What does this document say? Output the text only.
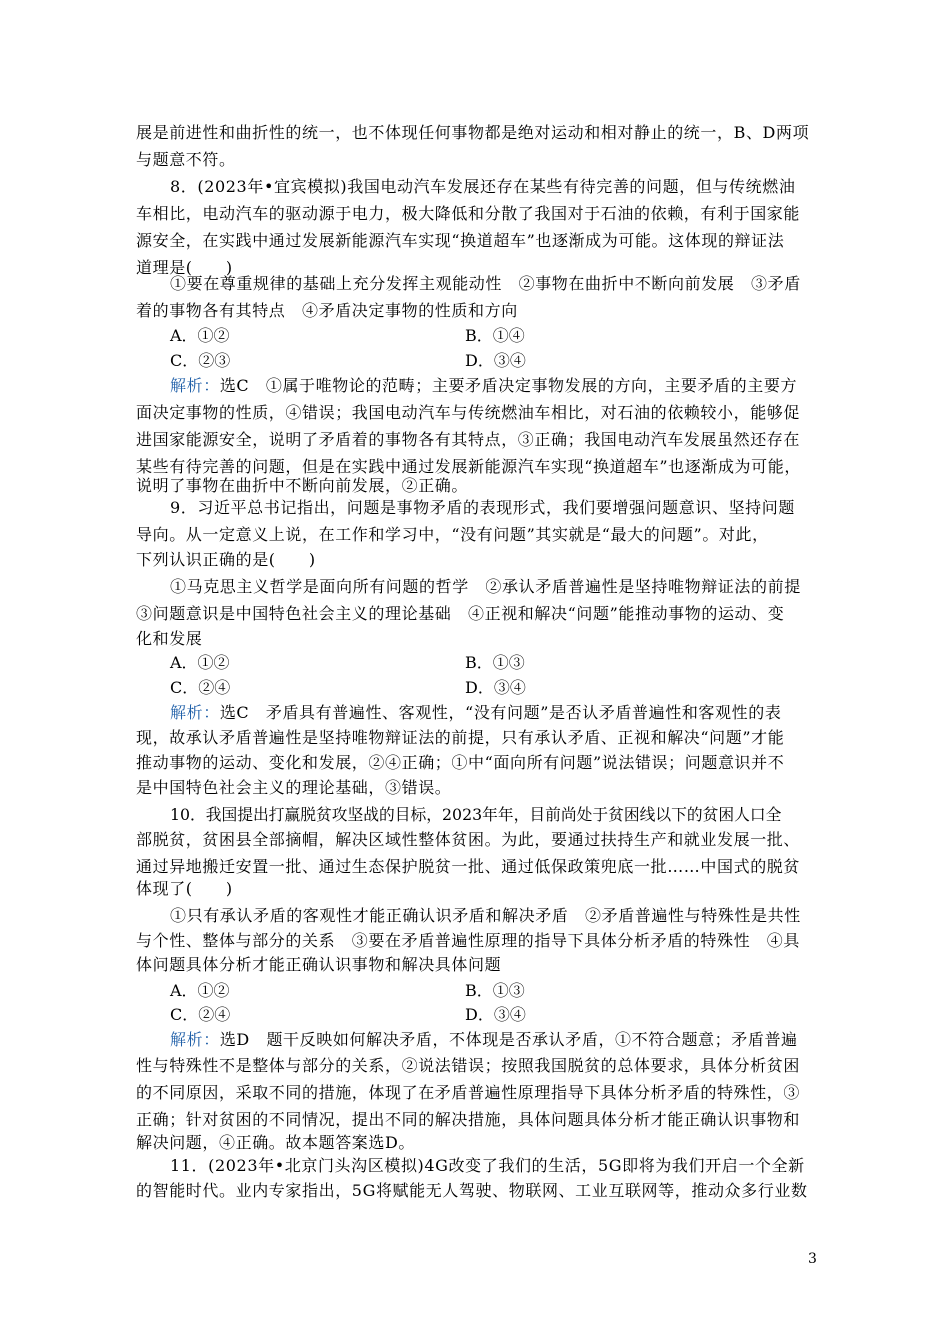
展是前进性和曲折性的统一，也不体现任何事物都是绝对运动和相对静止的统一，B、D两项
与题意不符。
8．(2023年•宜宾模拟)我国电动汽车发展还存在某些有待完善的问题，但与传统燃油
车相比，电动汽车的驱动源于电力，极大降低和分散了我国对于石油的依赖，有利于国家能
源安全，在实践中通过发展新能源汽车实现“换道超车”也逐渐成为可能。这体现的辩证法
道理是(　　)
①要在尊重规律的基础上充分发挥主观能动性　②事物在曲折中不断向前发展　③矛盾
着的事物各有其特点　④矛盾决定事物的性质和方向
A．①②	B．①④
C．②③	D．③④
解析：选C　①属于唯物论的范畴；主要矛盾决定事物发展的方向，主要矛盾的主要方
面决定事物的性质，④错误；我国电动汽车与传统燃油车相比，对石油的依赖较小，能够促
进国家能源安全，说明了矛盾着的事物各有其特点，③正确；我国电动汽车发展虽然还存在
某些有待完善的问题，但是在实践中通过发展新能源汽车实现“换道超车”也逐渐成为可能，
说明了事物在曲折中不断向前发展，②正确。
9．习近平总书记指出，问题是事物矛盾的表现形式，我们要增强问题意识、坚持问题
导向。从一定意义上说，在工作和学习中，“没有问题”其实就是“最大的问题”。对此，
下列认识正确的是(　　)
①马克思主义哲学是面向所有问题的哲学　②承认矛盾普遍性是坚持唯物辩证法的前提
③问题意识是中国特色社会主义的理论基础　④正视和解决“问题”能推动事物的运动、变
化和发展
A．①②	B．①③
C．②④	D．③④
解析：选C　矛盾具有普遍性、客观性，“没有问题”是否认矛盾普遍性和客观性的表
现，故承认矛盾普遍性是坚持唯物辩证法的前提，只有承认矛盾、正视和解决“问题”才能
推动事物的运动、变化和发展，②④正确；①中“面向所有问题”说法错误；问题意识并不
是中国特色社会主义的理论基础，③错误。
10．我国提出打赢脱贫攻坚战的目标，2023年年，目前尚处于贫困线以下的贫困人口全
部脱贫，贫困县全部摘帽，解决区域性整体贫困。为此，要通过扶持生产和就业发展一批、
通过异地搬迁安置一批、通过生态保护脱贫一批、通过低保政策兜底一批……中国式的脱贫
体现了(　　)
①只有承认矛盾的客观性才能正确认识矛盾和解决矛盾　②矛盾普遍性与特殊性是共性
与个性、整体与部分的关系　③要在矛盾普遍性原理的指导下具体分析矛盾的特殊性　④具
体问题具体分析才能正确认识事物和解决具体问题
A．①②	B．①③
C．②④	D．③④
解析：选D　题干反映如何解决矛盾，不体现是否承认矛盾，①不符合题意；矛盾普遍
性与特殊性不是整体与部分的关系，②说法错误；按照我国脱贫的总体要求，具体分析贫困
的不同原因，采取不同的措施，体现了在矛盾普遍性原理指导下具体分析矛盾的特殊性，③
正确；针对贫困的不同情况，提出不同的解决措施，具体问题具体分析才能正确认识事物和
解决问题，④正确。故本题答案选D。
11．(2023年•北京门头沟区模拟)4G改变了我们的生活，5G即将为我们开启一个全新
的智能时代。业内专家指出，5G将赋能无人驾驶、物联网、工业互联网等，推动众多行业数
3
